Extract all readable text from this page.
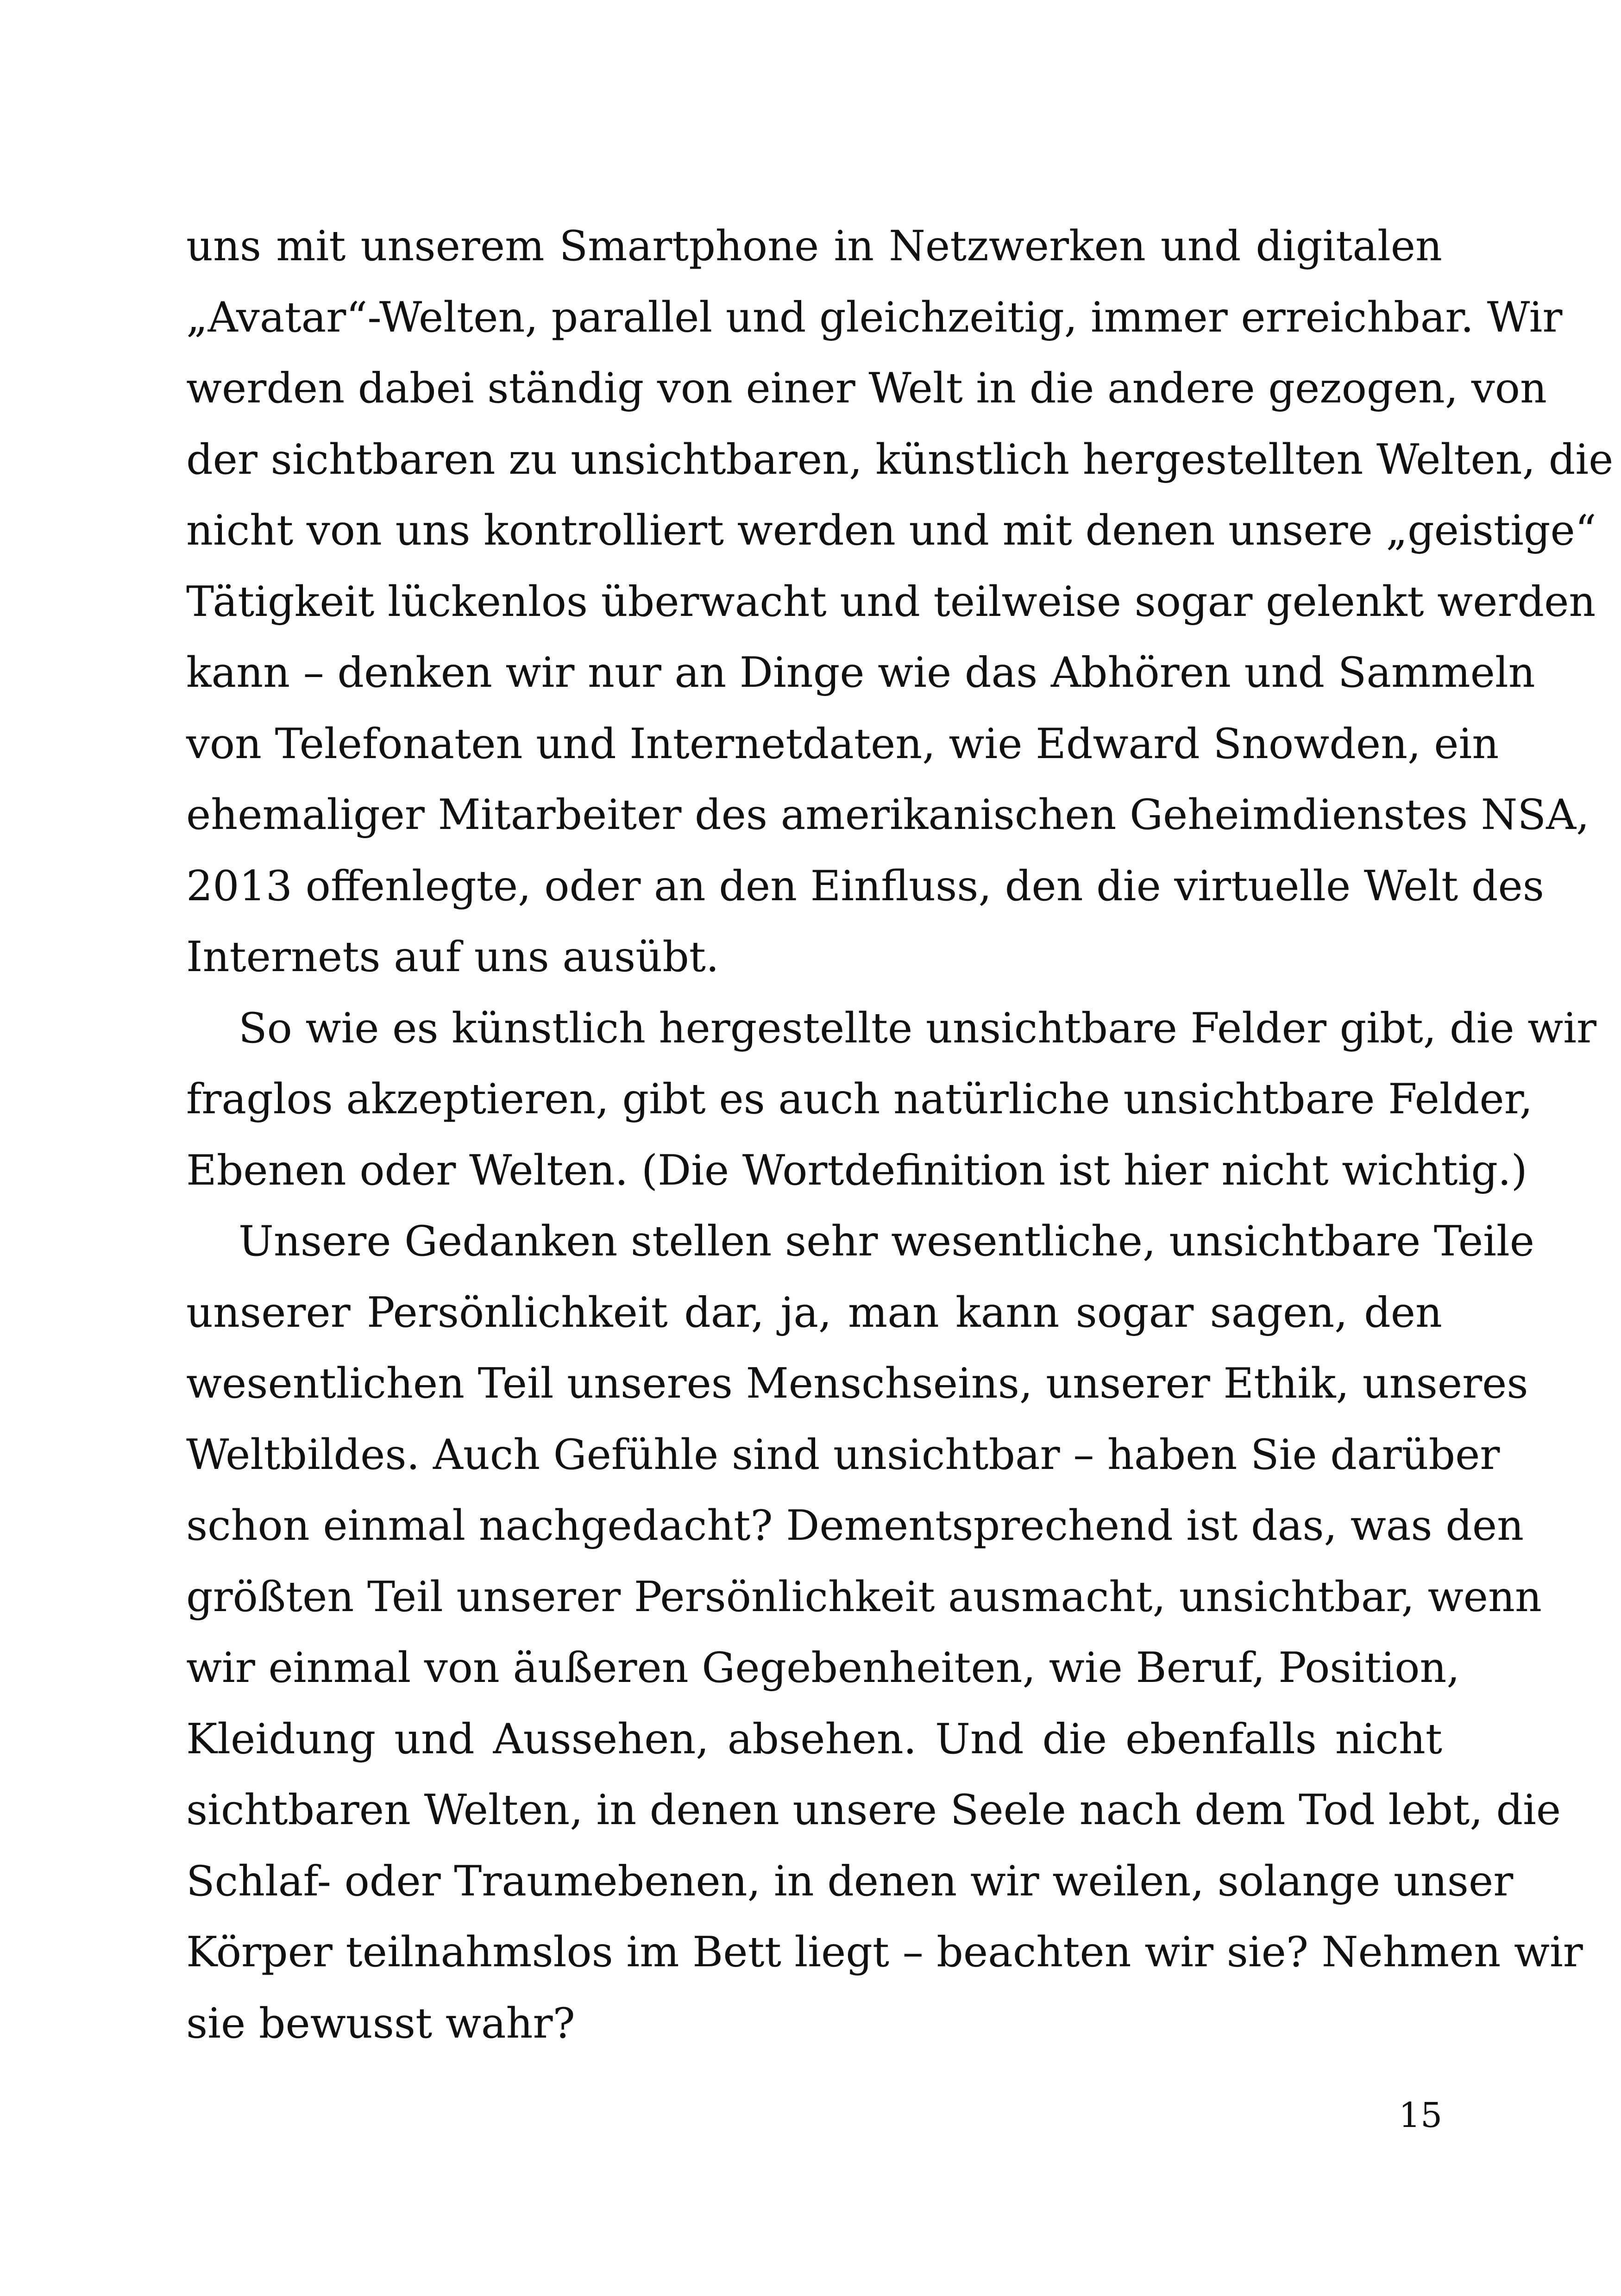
uns mit unserem Smartphone in Netzwerken und digitalen
„Avatar“-Welten, parallel und gleichzeitig, immer erreichbar. Wir
werden dabei ständig von einer Welt in die andere gezogen, von
der sichtbaren zu unsichtbaren, künstlich hergestellten Welten, die
nicht von uns kontrolliert werden und mit denen unsere „geistige“
Tätigkeit lückenlos überwacht und teilweise sogar gelenkt werden
kann – denken wir nur an Dinge wie das Abhören und Sammeln
von Telefonaten und Internetdaten, wie Edward Snowden, ein
ehemaliger Mitarbeiter des amerikanischen Geheimdienstes NSA,
2013 offenlegte, oder an den Einfluss, den die virtuelle Welt des
Internets auf uns ausübt.
So wie es künstlich hergestellte unsichtbare Felder gibt, die wir
fraglos akzeptieren, gibt es auch natürliche unsichtbare Felder,
Ebenen oder Welten. (Die Wortdefinition ist hier nicht wichtig.)
Unsere Gedanken stellen sehr wesentliche, unsichtbare Teile
unserer Persönlichkeit dar, ja, man kann sogar sagen, den
wesentlichen Teil unseres Menschseins, unserer Ethik, unseres
Weltbildes. Auch Gefühle sind unsichtbar – haben Sie darüber
schon einmal nachgedacht? Dementsprechend ist das, was den
größten Teil unserer Persönlichkeit ausmacht, unsichtbar, wenn
wir einmal von äußeren Gegebenheiten, wie Beruf, Position,
Kleidung und Aussehen, absehen. Und die ebenfalls nicht
sichtbaren Welten, in denen unsere Seele nach dem Tod lebt, die
Schlaf- oder Traumebenen, in denen wir weilen, solange unser
Körper teilnahmslos im Bett liegt – beachten wir sie? Nehmen wir
sie bewusst wahr?
15
